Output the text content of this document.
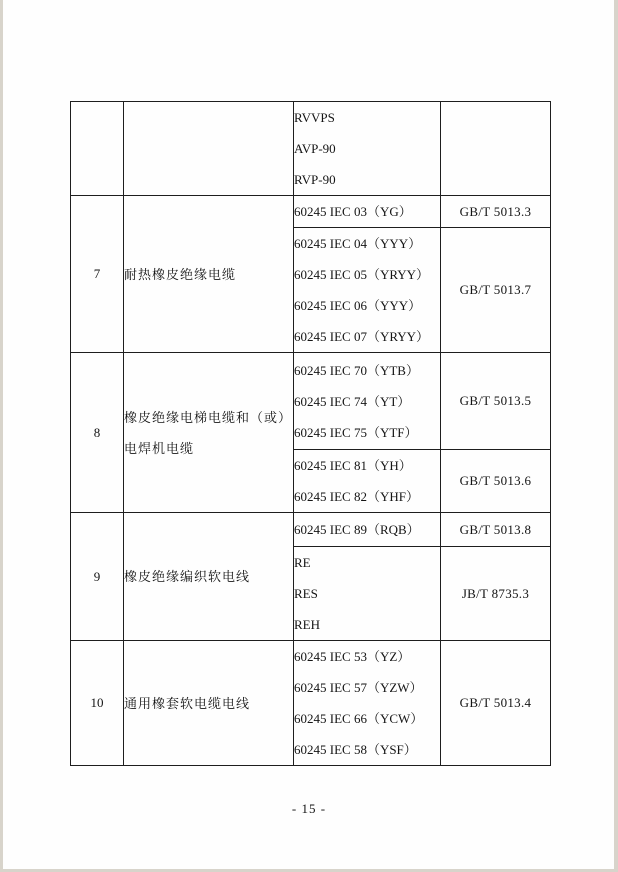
		RVVPS
AVP-90
RVP-90	

7	耐热橡皮绝缘电缆	60245 IEC 03（YG）	GB/T 5013.3

		60245 IEC 04（YYY）
60245 IEC 05（YRYY）
60245 IEC 06（YYY）
60245 IEC 07（YRYY）	GB/T 5013.7
8	橡皮绝缘电梯电缆和（或）电焊机电缆	60245 IEC 70（YTB）
60245 IEC 74（YT）
60245 IEC 75（YTF）	GB/T 5013.5

		60245 IEC 81（YH）
60245 IEC 82（YHF）	GB/T 5013.6
9	橡皮绝缘编织软电线	60245 IEC 89（RQB）	GB/T 5013.8

		RE
RES
REH	JB/T 8735.3
10	通用橡套软电缆电线	60245 IEC 53（YZ）
60245 IEC 57（YZW）
60245 IEC 66（YCW）
60245 IEC 58（YSF）	GB/T 5013.4
- 15 -
